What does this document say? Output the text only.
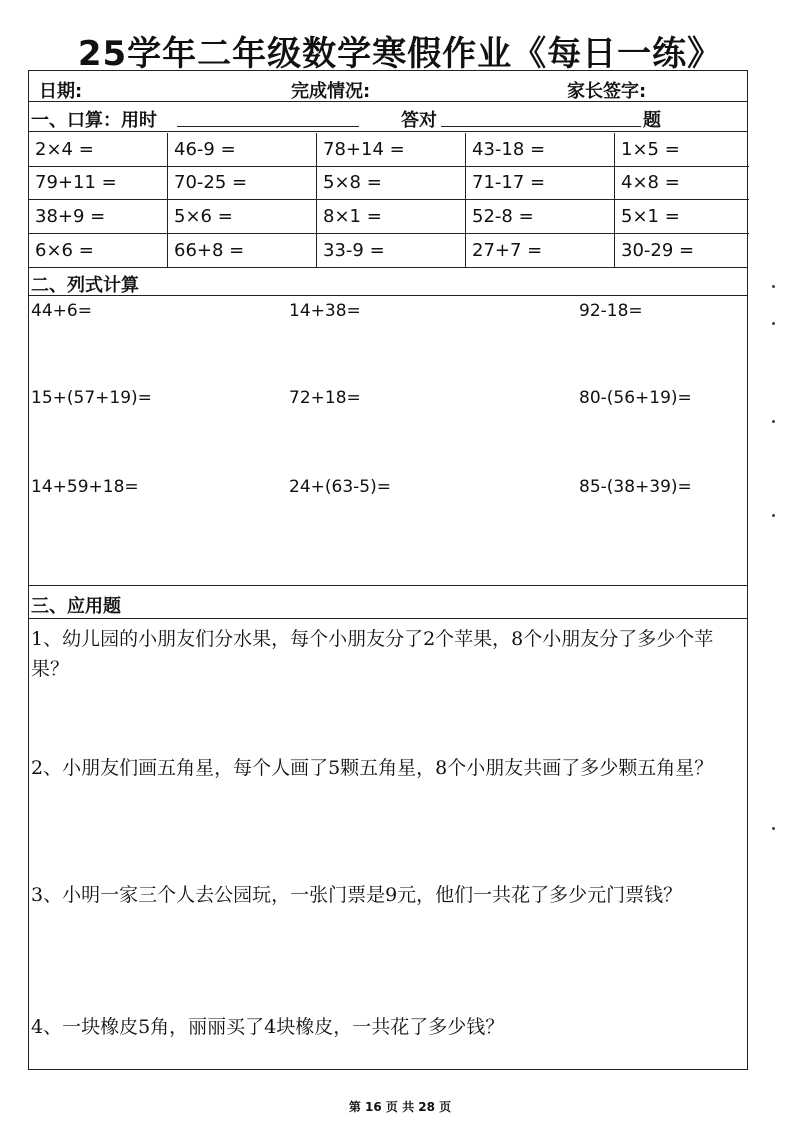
25学年二年级数学寒假作业《每日一练》
日期:	完成情况:	家长签字:
一、口算：用时	答对	题
2×4 =	46-9 =	78+14 =	43-18 =	1×5 =
79+11 =	70-25 =	5×8 =	71-17 =	4×8 =
38+9 =	5×6 =	8×1 =	52-8 =	5×1 =
6×6 =	66+8 =	33-9 =	27+7 =	30-29 =
二、列式计算
44+6=	14+38=	92-18=
15+(57+19)=	72+18=	80-(56+19)=
14+59+18=	24+(63-5)=	85-(38+39)=
三、应用题
1、幼儿园的小朋友们分水果，每个小朋友分了2个苹果，8个小朋友分了多少个苹果？
2、小朋友们画五角星，每个人画了5颗五角星，8个小朋友共画了多少颗五角星？
3、小明一家三个人去公园玩，一张门票是9元，他们一共花了多少元门票钱？
4、一块橡皮5角，丽丽买了4块橡皮，一共花了多少钱？
第 16 页 共 28 页
